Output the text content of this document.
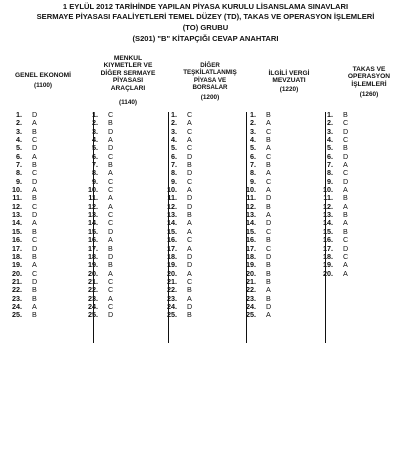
1 EYLÜL 2012 TARİHİNDE YAPILAN PİYASA KURULU LİSANSLAMA SINAVLARI
SERMAYE PİYASASI FAALİYETLERİ TEMEL DÜZEY (TD), TAKAS VE OPERASYON İŞLEMLERİ
(TO) GRUBU
(S201) "B" KİTAPÇIĞI CEVAP ANAHTARI
GENEL EKONOMİ
(1100)
MENKUL
KIYMETLER VE
DİĞER SERMAYE
PİYASASI
ARAÇLARI
(1140)
DİĞER
TEŞKİLATLANMIŞ
PİYASA VE
BORSALAR
(1200)
İLGİLİ VERGİ
MEVZUATI
(1220)
TAKAS VE
OPERASYON
İŞLEMLERİ
(1260)
1. D
2. A
3. B
4. C
5. D
6. A
7. B
8. C
9. D
10. A
11. B
12. C
13. D
14. A
15. B
16. C
17. D
18. B
19. A
20. C
21. D
22. B
23. B
24. A
25. B
1. C
2. B
3. D
4. A
5. D
6. C
7. B
8. A
9. C
10. C
11. A
12. A
13. C
14. C
15. D
16. A
17. B
18. D
19. B
20. A
21. C
22. C
23. A
24. C
25. D
1. C
2. A
3. C
4. A
5. C
6. D
7. B
8. D
9. C
10. A
11. D
12. D
13. B
14. A
15. A
16. C
17. A
18. D
19. D
20. A
21. C
22. B
23. A
24. D
25. B
1. B
2. A
3. C
4. B
5. A
6. C
7. B
8. A
9. C
10. A
11. D
12. B
13. A
14. D
15. C
16. B
17. C
18. D
19. B
20. B
21. B
22. A
23. B
24. D
25. A
1. B
2. C
3. D
4. C
5. B
6. D
7. A
8. C
9. D
10. A
11. B
12. A
13. B
14. A
15. B
16. C
17. D
18. C
19. A
20. A
